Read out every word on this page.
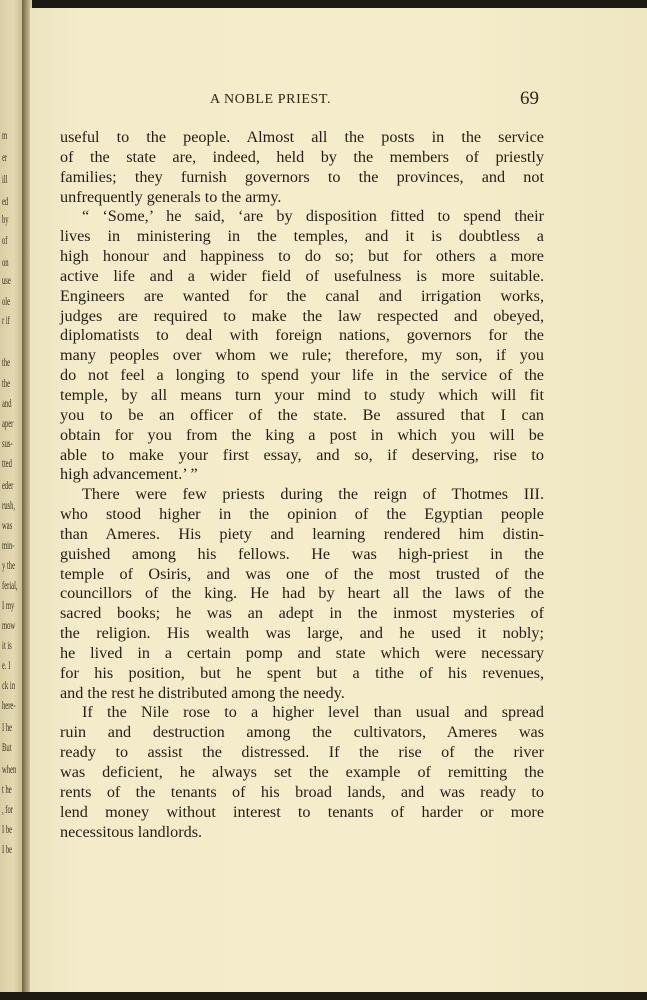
m
er
ill
ed
by
of
on
use
ole
r if
the
the
and
aper
sus-
tted
eder
rush,
was
min-
y the
ferial,
I my
mow
it is
e. I
ck in
here-
I he
But
when
t he
, for
I be
I be
A NOBLE PRIEST.	69
useful to the people. Almost all the posts in the service
of the state are, indeed, held by the members of priestly
families; they furnish governors to the provinces, and not
unfrequently generals to the army.
“ ‘Some,’ he said, ‘are by disposition fitted to spend their
lives in ministering in the temples, and it is doubtless a
high honour and happiness to do so; but for others a more
active life and a wider field of usefulness is more suitable.
Engineers are wanted for the canal and irrigation works,
judges are required to make the law respected and obeyed,
diplomatists to deal with foreign nations, governors for the
many peoples over whom we rule; therefore, my son, if you
do not feel a longing to spend your life in the service of the
temple, by all means turn your mind to study which will fit
you to be an officer of the state. Be assured that I can
obtain for you from the king a post in which you will be
able to make your first essay, and so, if deserving, rise to
high advancement.’ ”
There were few priests during the reign of Thotmes III.
who stood higher in the opinion of the Egyptian people
than Ameres. His piety and learning rendered him distin-
guished among his fellows. He was high-priest in the
temple of Osiris, and was one of the most trusted of the
councillors of the king. He had by heart all the laws of the
sacred books; he was an adept in the inmost mysteries of
the religion. His wealth was large, and he used it nobly;
he lived in a certain pomp and state which were necessary
for his position, but he spent but a tithe of his revenues,
and the rest he distributed among the needy.
If the Nile rose to a higher level than usual and spread
ruin and destruction among the cultivators, Ameres was
ready to assist the distressed. If the rise of the river
was deficient, he always set the example of remitting the
rents of the tenants of his broad lands, and was ready to
lend money without interest to tenants of harder or more
necessitous landlords.
